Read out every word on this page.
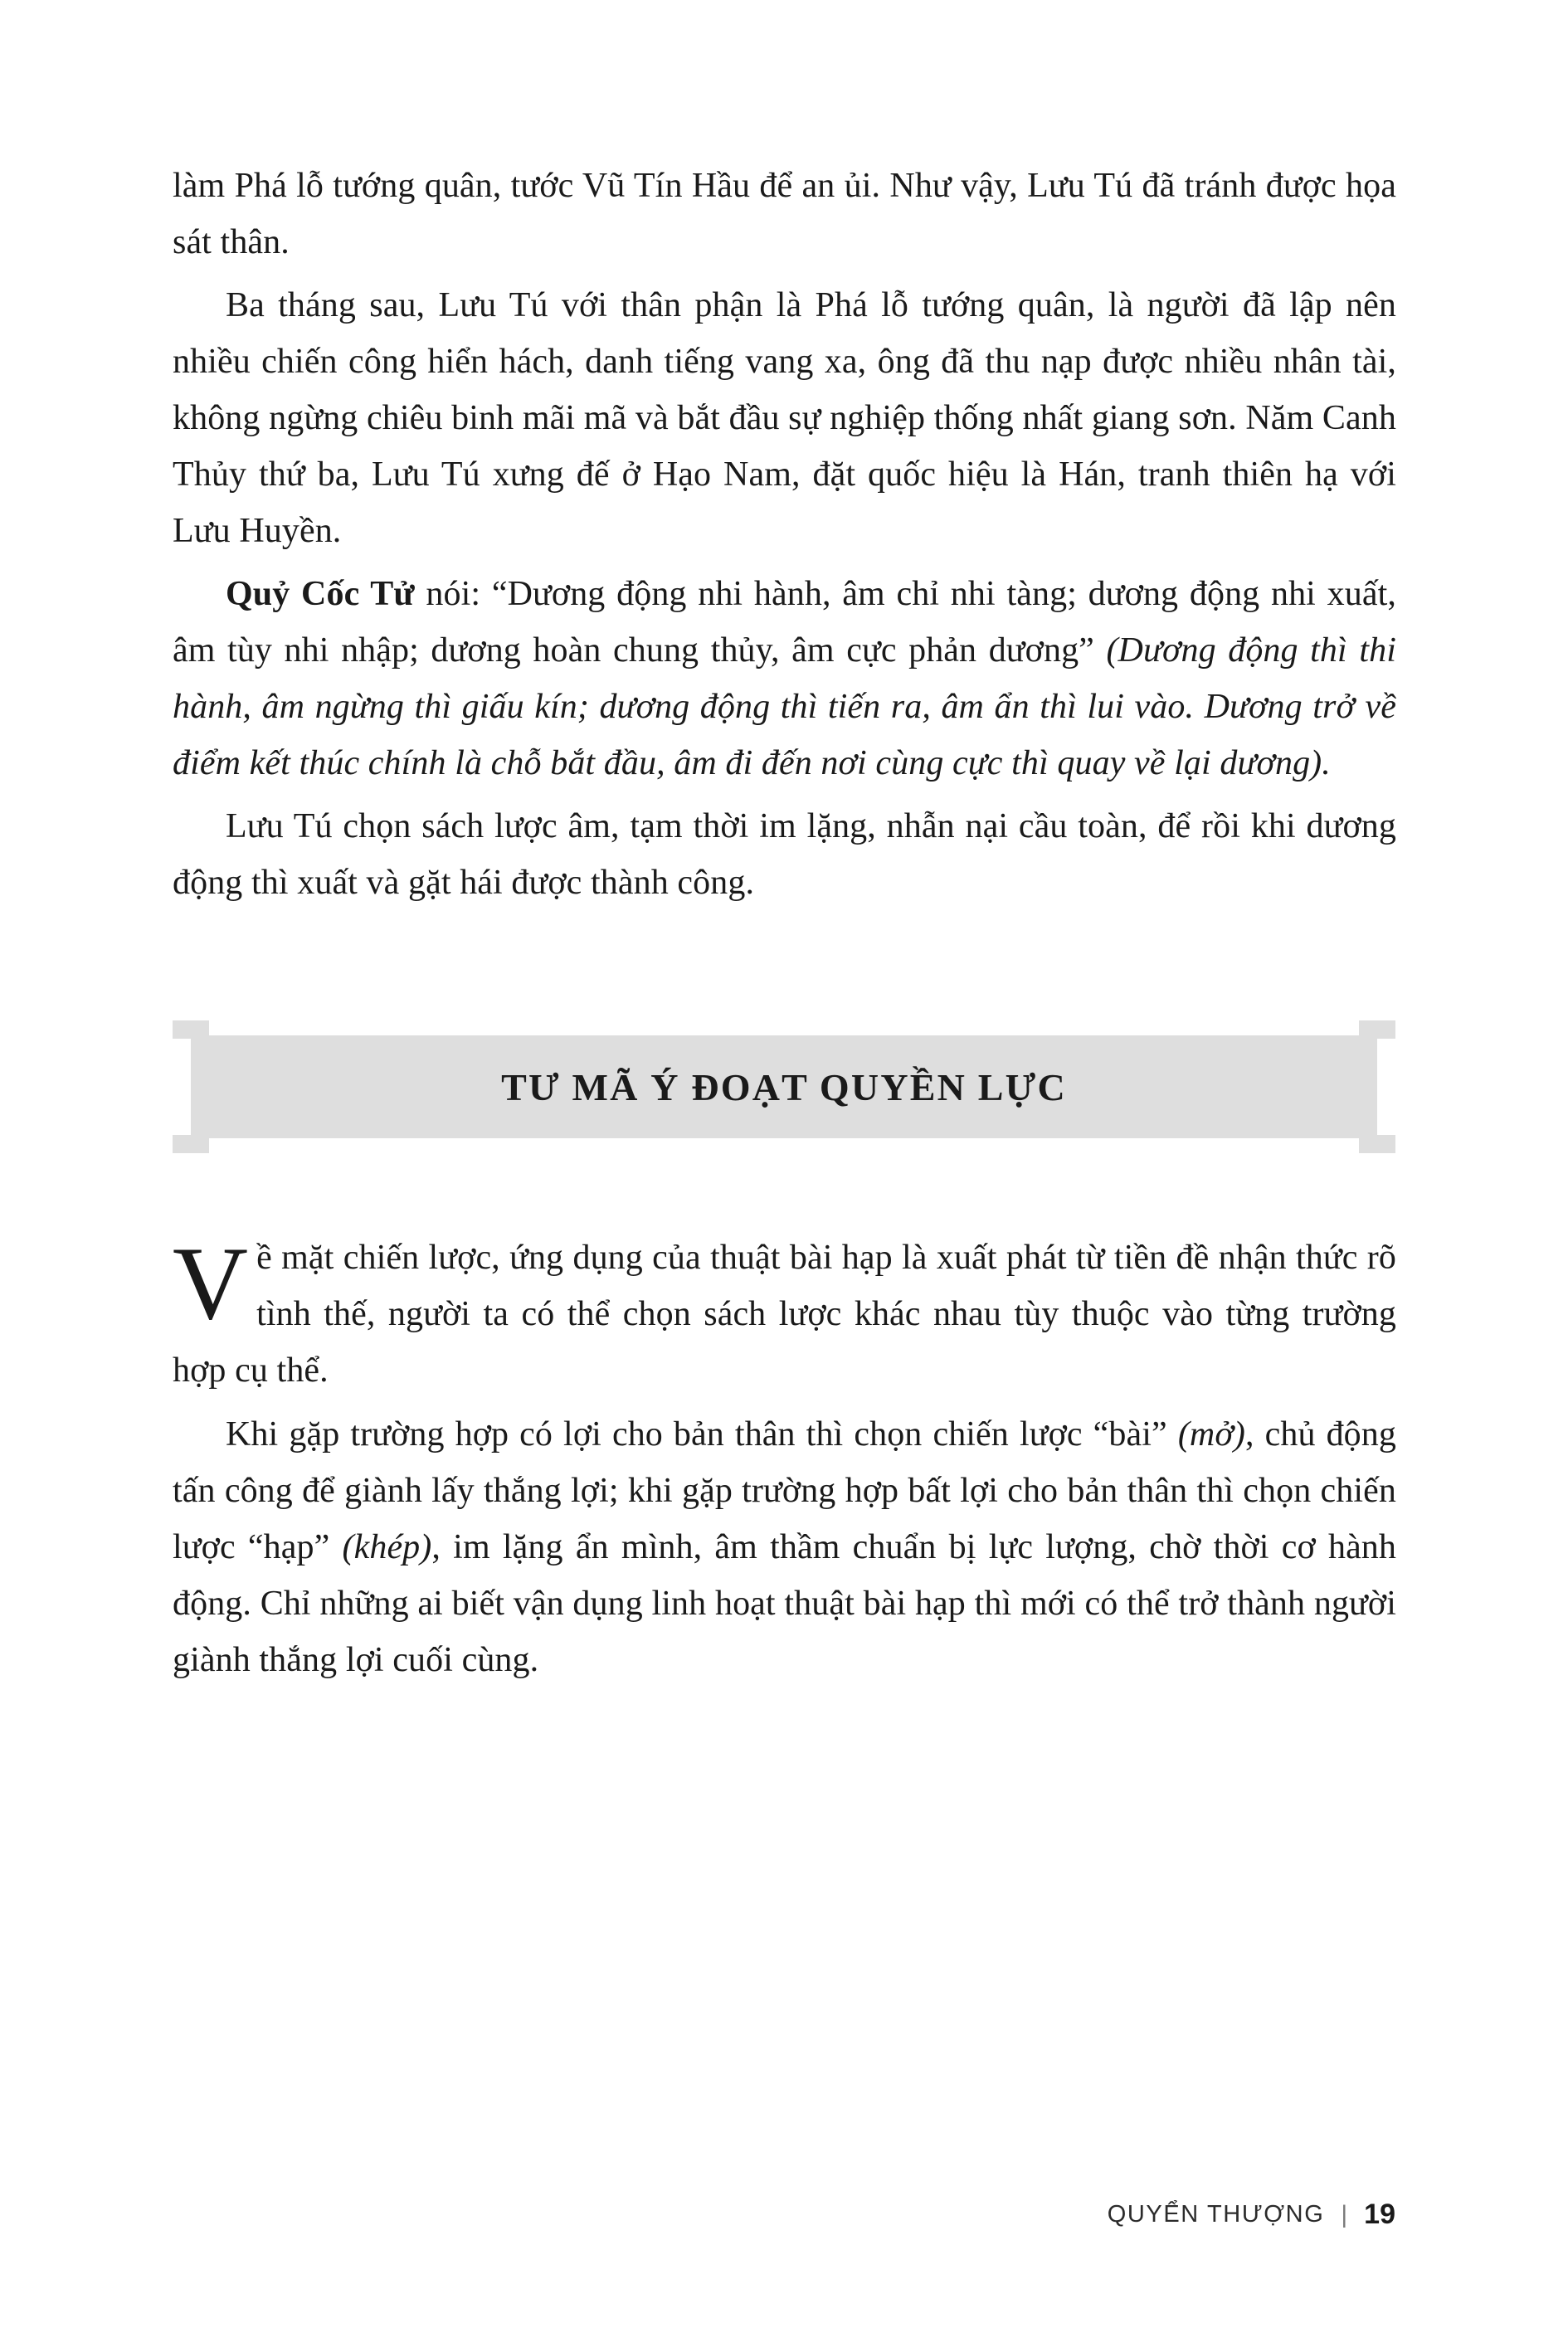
làm Phá lỗ tướng quân, tước Vũ Tín Hầu để an ủi. Như vậy, Lưu Tú đã tránh được họa sát thân.

Ba tháng sau, Lưu Tú với thân phận là Phá lỗ tướng quân, là người đã lập nên nhiều chiến công hiển hách, danh tiếng vang xa, ông đã thu nạp được nhiều nhân tài, không ngừng chiêu binh mãi mã và bắt đầu sự nghiệp thống nhất giang sơn. Năm Canh Thủy thứ ba, Lưu Tú xưng đế ở Hạo Nam, đặt quốc hiệu là Hán, tranh thiên hạ với Lưu Huyền.

Quỷ Cốc Tử nói: “Dương động nhi hành, âm chỉ nhi tàng; dương động nhi xuất, âm tùy nhi nhập; dương hoàn chung thủy, âm cực phản dương” (Dương động thì thi hành, âm ngừng thì giấu kín; dương động thì tiến ra, âm ẩn thì lui vào. Dương trở về điểm kết thúc chính là chỗ bắt đầu, âm đi đến nơi cùng cực thì quay về lại dương).

Lưu Tú chọn sách lược âm, tạm thời im lặng, nhẫn nại cầu toàn, để rồi khi dương động thì xuất và gặt hái được thành công.

TƯ MÃ Ý ĐOẠT QUYỀN LỰC

Về mặt chiến lược, ứng dụng của thuật bài hạp là xuất phát từ tiền đề nhận thức rõ tình thế, người ta có thể chọn sách lược khác nhau tùy thuộc vào từng trường hợp cụ thể.

Khi gặp trường hợp có lợi cho bản thân thì chọn chiến lược “bài” (mở), chủ động tấn công để giành lấy thắng lợi; khi gặp trường hợp bất lợi cho bản thân thì chọn chiến lược “hạp” (khép), im lặng ẩn mình, âm thầm chuẩn bị lực lượng, chờ thời cơ hành động. Chỉ những ai biết vận dụng linh hoạt thuật bài hạp thì mới có thể trở thành người giành thắng lợi cuối cùng.

QUYỂN THƯỢNG | 19
